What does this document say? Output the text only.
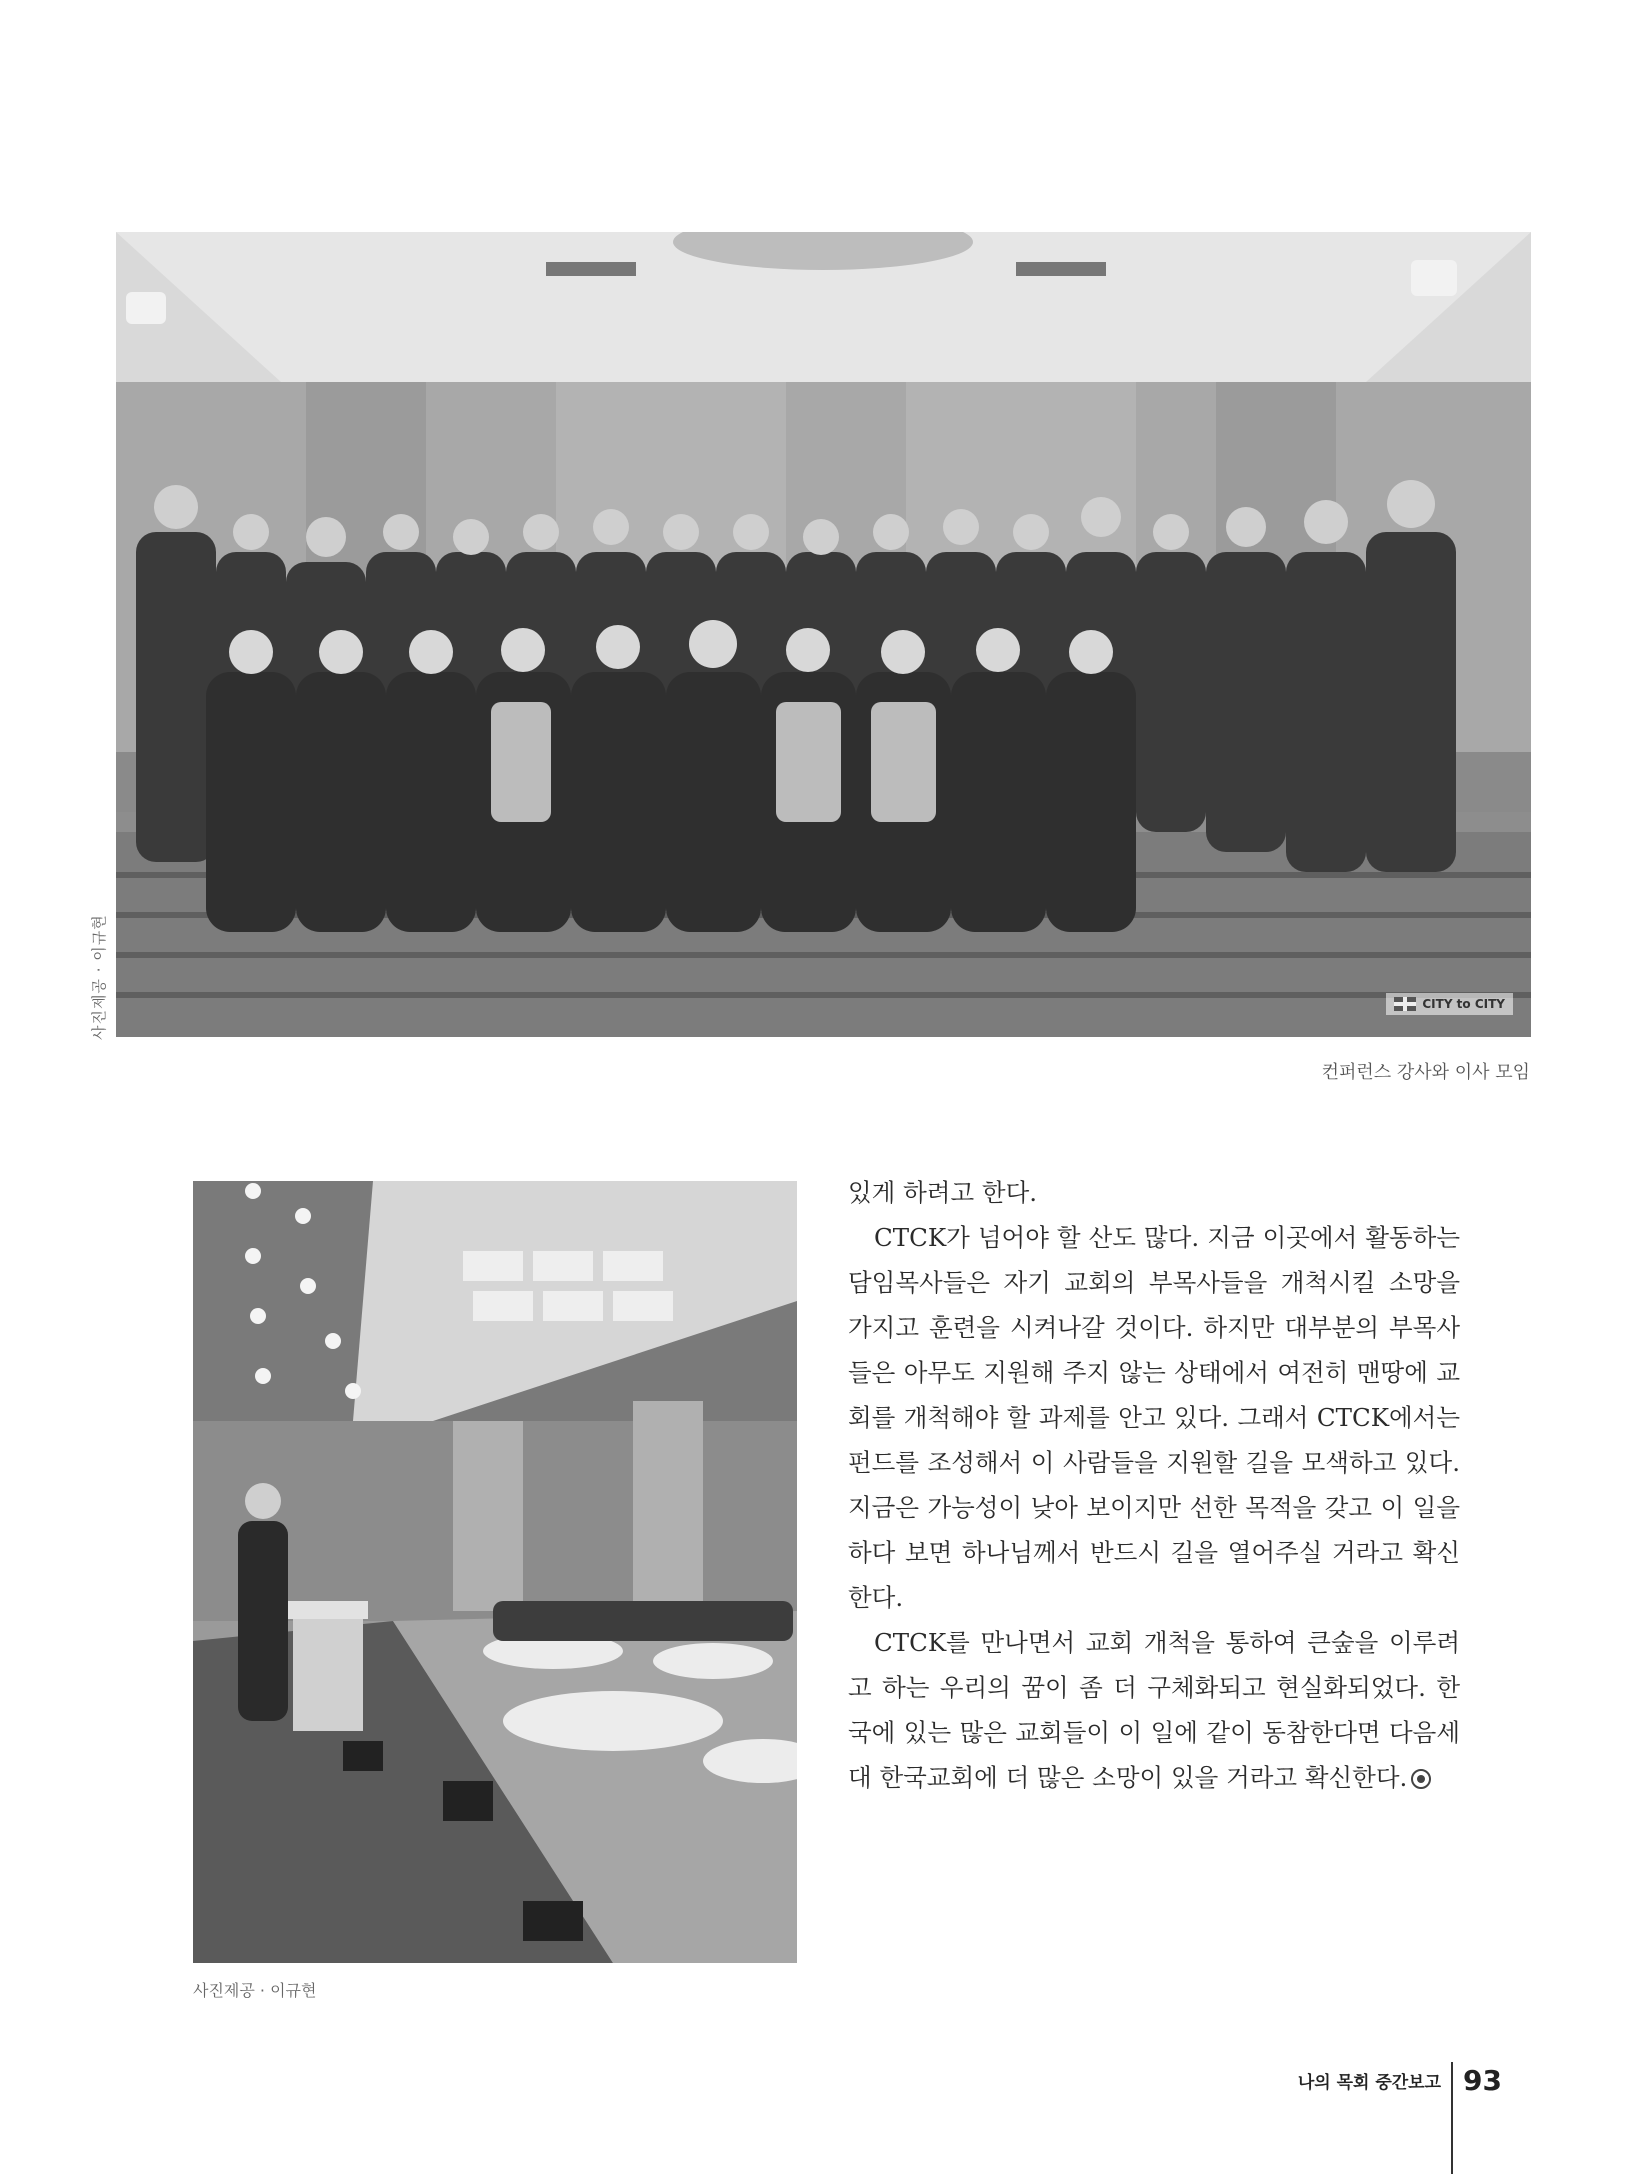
CITY to CITY
사진제공 · 이규현
컨퍼런스 강사와 이사 모임
사진제공 · 이규현

있게 하려고 한다.

CTCK가 넘어야 할 산도 많다. 지금 이곳에서 활동하는 담임목사들은 자기 교회의 부목사들을 개척시킬 소망을 가지고 훈련을 시켜나갈 것이다. 하지만 대부분의 부목사들은 아무도 지원해 주지 않는 상태에서 여전히 맨땅에 교회를 개척해야 할 과제를 안고 있다. 그래서 CTCK에서는 펀드를 조성해서 이 사람들을 지원할 길을 모색하고 있다. 지금은 가능성이 낮아 보이지만 선한 목적을 갖고 이 일을 하다 보면 하나님께서 반드시 길을 열어주실 거라고 확신한다.

CTCK를 만나면서 교회 개척을 통하여 큰숲을 이루려고 하는 우리의 꿈이 좀 더 구체화되고 현실화되었다. 한국에 있는 많은 교회들이 이 일에 같이 동참한다면 다음세대 한국교회에 더 많은 소망이 있을 거라고 확신한다.

나의 목회 중간보고 93
